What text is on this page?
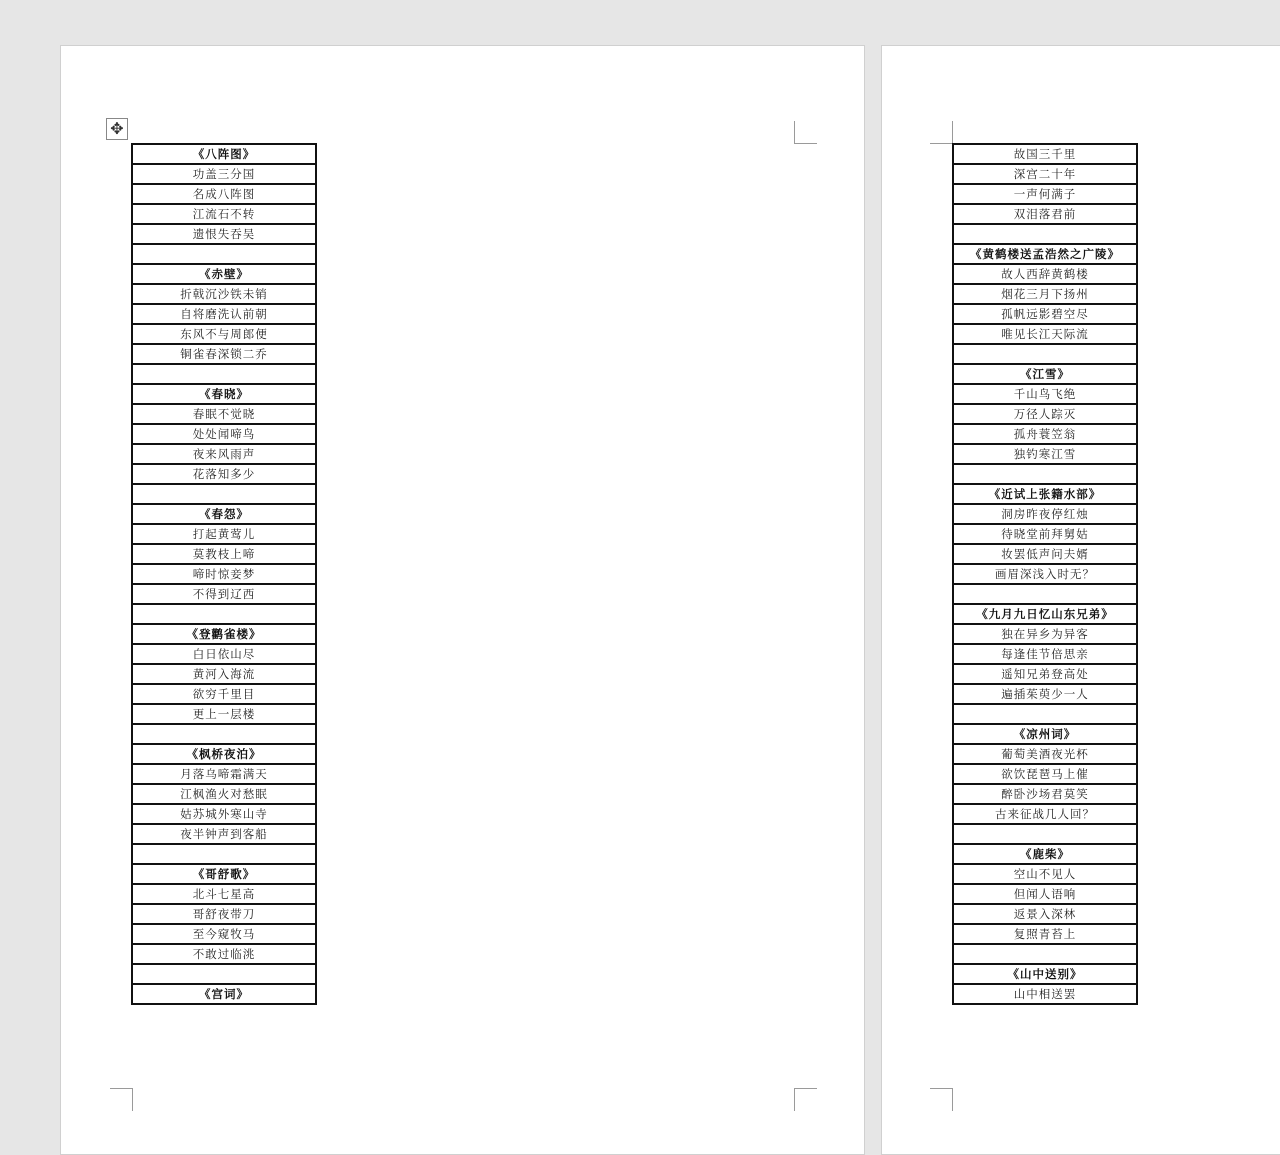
✥
《八阵图》
功盖三分国
名成八阵图
江流石不转
遗恨失吞吴

《赤壁》
折戟沉沙铁未销
自将磨洗认前朝
东风不与周郎便
铜雀春深锁二乔

《春晓》
春眠不觉晓
处处闻啼鸟
夜来风雨声
花落知多少

《春怨》
打起黄莺儿
莫教枝上啼
啼时惊妾梦
不得到辽西

《登鹳雀楼》
白日依山尽
黄河入海流
欲穷千里目
更上一层楼

《枫桥夜泊》
月落乌啼霜满天
江枫渔火对愁眠
姑苏城外寒山寺
夜半钟声到客船

《哥舒歌》
北斗七星高
哥舒夜带刀
至今窥牧马
不敢过临洮

《宫词》
故国三千里
深宫二十年
一声何满子
双泪落君前

《黄鹤楼送孟浩然之广陵》
故人西辞黄鹤楼
烟花三月下扬州
孤帆远影碧空尽
唯见长江天际流

《江雪》
千山鸟飞绝
万径人踪灭
孤舟蓑笠翁
独钓寒江雪

《近试上张籍水部》
洞房昨夜停红烛
待晓堂前拜舅姑
妆罢低声问夫婿
画眉深浅入时无？

《九月九日忆山东兄弟》
独在异乡为异客
每逢佳节倍思亲
遥知兄弟登高处
遍插茱萸少一人

《凉州词》
葡萄美酒夜光杯
欲饮琵琶马上催
醉卧沙场君莫笑
古来征战几人回？

《鹿柴》
空山不见人
但闻人语响
返景入深林
复照青苔上

《山中送别》
山中相送罢
